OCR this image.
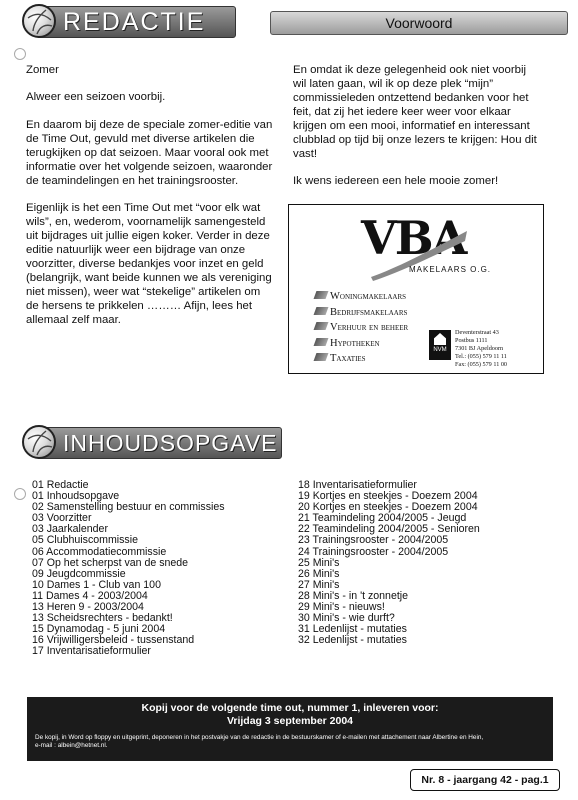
REDACTIE	Voorwoord

Zomer

Alweer een seizoen voorbij.

En daarom bij deze de speciale zomer-editie van de Time Out, gevuld met diverse artikelen die terugkijken op dat seizoen. Maar vooral ook met informatie over het volgende seizoen, waaronder de teamindelingen en het trainingsrooster.

Eigenlijk is het een Time Out met “voor elk wat wils”, en, wederom, voornamelijk samengesteld uit bijdrages uit jullie eigen koker. Verder in deze editie natuurlijk weer een bijdrage van onze voorzitter, diverse bedankjes voor inzet en geld (belangrijk, want beide kunnen we als vereniging niet missen), weer wat “stekelige” artikelen om de hersens te prikkelen ……… Afijn, lees het allemaal zelf maar.

En omdat ik deze gelegenheid ook niet voorbij wil laten gaan, wil ik op deze plek “mijn” commissieleden ontzettend bedanken voor het feit, dat zij het iedere keer weer voor elkaar krijgen om een mooi, informatief en interessant clubblad op tijd bij onze lezers te krijgen: Hou dit vast!

Ik wens iedereen een hele mooie zomer!

VBA
MAKELAARS O.G.
Woningmakelaars
Bedrijfsmakelaars
Verhuur en beheer
Hypotheken
Taxaties
NVM
Deventerstraat 43
Postbus 1111
7301 BJ Apeldoorn
Tel.: (055) 579 11 11
Fax: (055) 579 11 00
INHOUDSOPGAVE
01 Redactie
01 Inhoudsopgave
02 Samenstelling bestuur en commissies
03 Voorzitter
03 Jaarkalender
05 Clubhuiscommissie
06 Accommodatiecommissie
07 Op het scherpst van de snede
09 Jeugdcommissie
10 Dames 1 - Club van 100
11 Dames 4 - 2003/2004
13 Heren 9 - 2003/2004
13 Scheidsrechters - bedankt!
15 Dynamodag - 5 juni 2004
16 Vrijwilligersbeleid - tussenstand
17 Inventarisatieformulier
18 Inventarisatieformulier
19 Kortjes en steekjes - Doezem 2004
20 Kortjes en steekjes - Doezem 2004
21 Teamindeling 2004/2005 - Jeugd
22 Teamindeling 2004/2005 - Senioren
23 Trainingsrooster - 2004/2005
24 Trainingsrooster - 2004/2005
25 Mini's
26 Mini's
27 Mini's
28 Mini's - in 't zonnetje
29 Mini's - nieuws!
30 Mini's - wie durft?
31 Ledenlijst - mutaties
32 Ledenlijst - mutaties
Kopij voor de volgende time out, nummer 1, inleveren voor:
Vrijdag 3 september 2004
De kopij, in Word op floppy en uitgeprint, deponeren in het postvakje van de redactie in de bestuurskamer of e-mailen met attachement naar Albertine en Hein,
e-mail : albein@hetnet.nl.
Nr. 8 - jaargang 42 - pag.1
